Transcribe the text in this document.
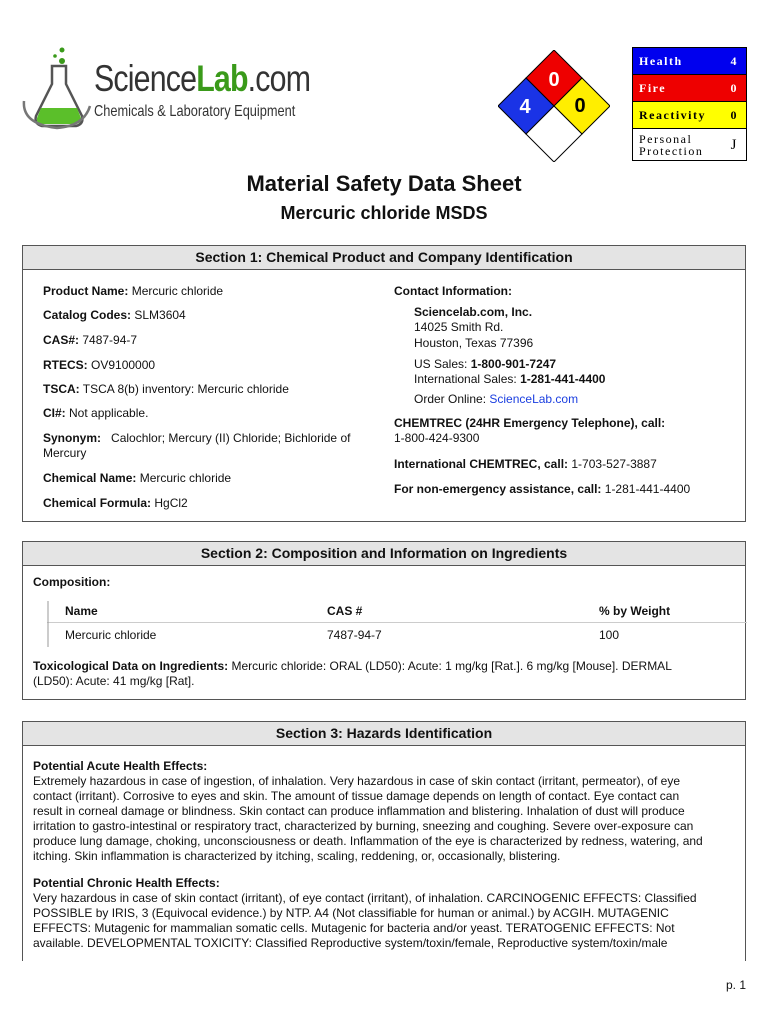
ScienceLab.com
Chemicals & Laboratory Equipment
0
4 0
Health	4
Fire	0
Reactivity 0
Personal Protection	J
Material Safety Data Sheet
Mercuric chloride MSDS
Section 1: Chemical Product and Company Identification
Product Name: Mercuric chloride
Catalog Codes: SLM3604
CAS#: 7487-94-7
RTECS: OV9100000
TSCA: TSCA 8(b) inventory: Mercuric chloride
CI#: Not applicable.
Synonym: Calochlor; Mercury (II) Chloride; Bichloride of
Mercury
Chemical Name: Mercuric chloride
Chemical Formula: HgCl2
Contact Information:
Sciencelab.com, Inc.
14025 Smith Rd.
Houston, Texas 77396
US Sales: 1-800-901-7247
International Sales: 1-281-441-4400
Order Online: ScienceLab.com
CHEMTREC (24HR Emergency Telephone), call:
1-800-424-9300
International CHEMTREC, call: 1-703-527-3887
For non-emergency assistance, call: 1-281-441-4400
Section 2: Composition and Information on Ingredients
Composition:
Name	CAS #	% by Weight
Mercuric chloride	7487-94-7	100
Toxicological Data on Ingredients: Mercuric chloride: ORAL (LD50): Acute: 1 mg/kg [Rat.]. 6 mg/kg [Mouse]. DERMAL
(LD50): Acute: 41 mg/kg [Rat].
Section 3: Hazards Identification
Potential Acute Health Effects:
Extremely hazardous in case of ingestion, of inhalation. Very hazardous in case of skin contact (irritant, permeator), of eye
contact (irritant). Corrosive to eyes and skin. The amount of tissue damage depends on length of contact. Eye contact can
result in corneal damage or blindness. Skin contact can produce inflammation and blistering. Inhalation of dust will produce
irritation to gastro-intestinal or respiratory tract, characterized by burning, sneezing and coughing. Severe over-exposure can
produce lung damage, choking, unconsciousness or death. Inflammation of the eye is characterized by redness, watering, and
itching. Skin inflammation is characterized by itching, scaling, reddening, or, occasionally, blistering.
Potential Chronic Health Effects:
Very hazardous in case of skin contact (irritant), of eye contact (irritant), of inhalation. CARCINOGENIC EFFECTS: Classified
POSSIBLE by IRIS, 3 (Equivocal evidence.) by NTP. A4 (Not classifiable for human or animal.) by ACGIH. MUTAGENIC
EFFECTS: Mutagenic for mammalian somatic cells. Mutagenic for bacteria and/or yeast. TERATOGENIC EFFECTS: Not
available. DEVELOPMENTAL TOXICITY: Classified Reproductive system/toxin/female, Reproductive system/toxin/male
p. 1
